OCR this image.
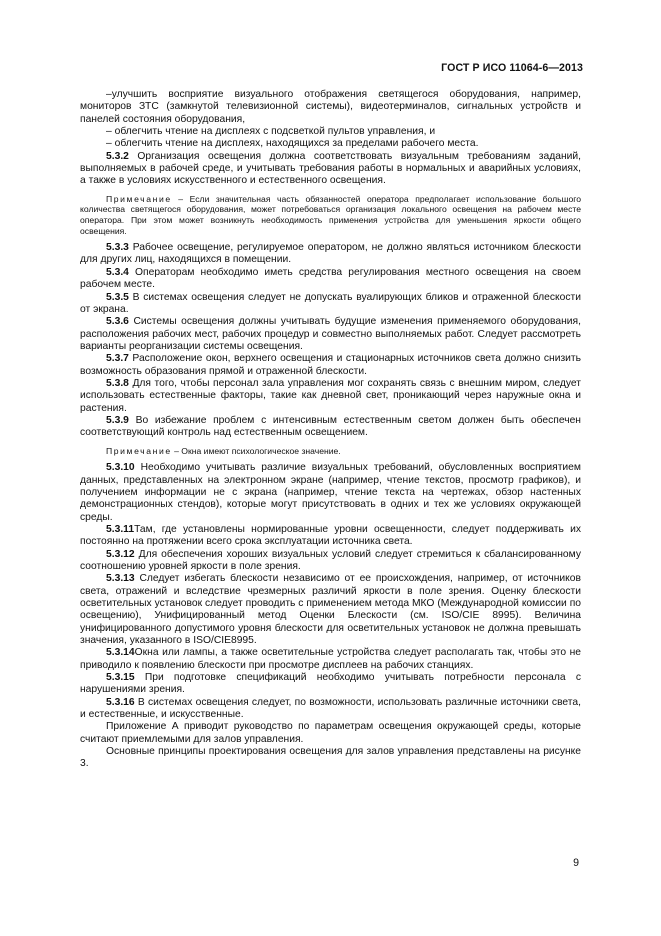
ГОСТ Р ИСО 11064-6—2013

–улучшить восприятие визуального отображения светящегося оборудования, например, мониторов ЗТС (замкнутой телевизионной системы), видеотерминалов, сигнальных устройств и панелей состояния оборудования,

– облегчить чтение на дисплеях с подсветкой пультов управления, и

– облегчить чтение на дисплеях, находящихся за пределами рабочего места.

5.3.2 Организация освещения должна соответствовать визуальным требованиям заданий, выполняемых в рабочей среде, и учитывать требования работы в нормальных и аварийных условиях, а также в условиях искусственного и естественного освещения.

Примечание – Если значительная часть обязанностей оператора предполагает использование большого количества светящегося оборудования, может потребоваться организация локального освещения на рабочем месте оператора. При этом может возникнуть необходимость применения устройства для уменьшения яркости общего освещения.

5.3.3 Рабочее освещение, регулируемое оператором, не должно являться источником блескости для других лиц, находящихся в помещении.

5.3.4 Операторам необходимо иметь средства регулирования местного освещения на своем рабочем месте.

5.3.5 В системах освещения следует не допускать вуалирующих бликов и отраженной блескости от экрана.

5.3.6 Системы освещения должны учитывать будущие изменения применяемого оборудования, расположения рабочих мест, рабочих процедур и совместно выполняемых работ. Следует рассмотреть варианты реорганизации системы освещения.

5.3.7 Расположение окон, верхнего освещения и стационарных источников света должно снизить возможность образования прямой и отраженной блескости.

5.3.8 Для того, чтобы персонал зала управления мог сохранять связь с внешним миром, следует использовать естественные факторы, такие как дневной свет, проникающий через наружные окна и растения.

5.3.9 Во избежание проблем с интенсивным естественным светом должен быть обеспечен соответствующий контроль над естественным освещением.

Примечание – Окна имеют психологическое значение.

5.3.10 Необходимо учитывать различие визуальных требований, обусловленных восприятием данных, представленных на электронном экране (например, чтение текстов, просмотр графиков), и получением информации не с экрана (например, чтение текста на чертежах, обзор настенных демонстрационных стендов), которые могут присутствовать в одних и тех же условиях окружающей среды.

5.3.11Там, где установлены нормированные уровни освещенности, следует поддерживать их постоянно на протяжении всего срока эксплуатации источника света.

5.3.12 Для обеспечения хороших визуальных условий следует стремиться к сбалансированному соотношению уровней яркости в поле зрения.

5.3.13 Следует избегать блескости независимо от ее происхождения, например, от источников света, отражений и вследствие чрезмерных различий яркости в поле зрения. Оценку блескости осветительных установок следует проводить с применением метода МКО (Международной комиссии по освещению), Унифицированный метод Оценки Блескости (см. ISO/CIE 8995). Величина унифицированного допустимого уровня блескости для осветительных установок не должна превышать значения, указанного в ISO/CIE8995.

5.3.14Окна или лампы, а также осветительные устройства следует располагать так, чтобы это не приводило к появлению блескости при просмотре дисплеев на рабочих станциях.

5.3.15 При подготовке спецификаций необходимо учитывать потребности персонала с нарушениями зрения.

5.3.16 В системах освещения следует, по возможности, использовать различные источники света, и естественные, и искусственные.

Приложение А приводит руководство по параметрам освещения окружающей среды, которые считают приемлемыми для залов управления.

Основные принципы проектирования освещения для залов управления представлены на рисунке 3.

9
